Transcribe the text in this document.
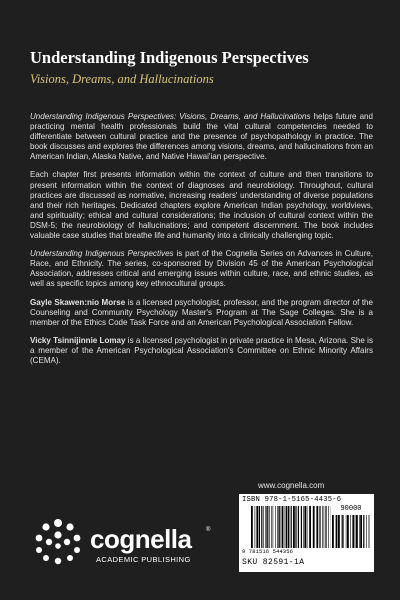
Understanding Indigenous Perspectives
Visions, Dreams, and Hallucinations

Understanding Indigenous Perspectives: Visions, Dreams, and Hallucinations helps future and practicing mental health professionals build the vital cultural competencies needed to differentiate between cultural practice and the presence of psychopathology in practice. The book discusses and explores the differences among visions, dreams, and hallucinations from an American Indian, Alaska Native, and Native Hawai'ian perspective.

Each chapter first presents information within the context of culture and then transitions to present information within the context of diagnoses and neurobiology. Throughout, cultural practices are discussed as normative, increasing readers' understanding of diverse populations and their rich heritages. Dedicated chapters explore American Indian psychology, worldviews, and spirituality; ethical and cultural considerations; the inclusion of cultural context within the DSM-5; the neurobiology of hallucinations; and competent discernment. The book includes valuable case studies that breathe life and humanity into a clinically challenging topic.

Understanding Indigenous Perspectives is part of the Cognella Series on Advances in Culture, Race, and Ethnicity. The series, co-sponsored by Division 45 of the American Psychological Association, addresses critical and emerging issues within culture, race, and ethnic studies, as well as specific topics among key ethnocultural groups.

Gayle Skawen:nio Morse is a licensed psychologist, professor, and the program director of the Counseling and Community Psychology Master's Program at The Sage Colleges. She is a member of the Ethics Code Task Force and an American Psychological Association Fellow.

Vicky Tsinnijinnie Lomay is a licensed psychologist in private practice in Mesa, Arizona. She is a member of the American Psychological Association's Committee on Ethnic Minority Affairs (CEMA).

www.cognella.com
ISBN 978-1-5165-4435-6
90000
9 781516 544356
SKU 82591-1A
cognella ®
ACADEMIC PUBLISHING
